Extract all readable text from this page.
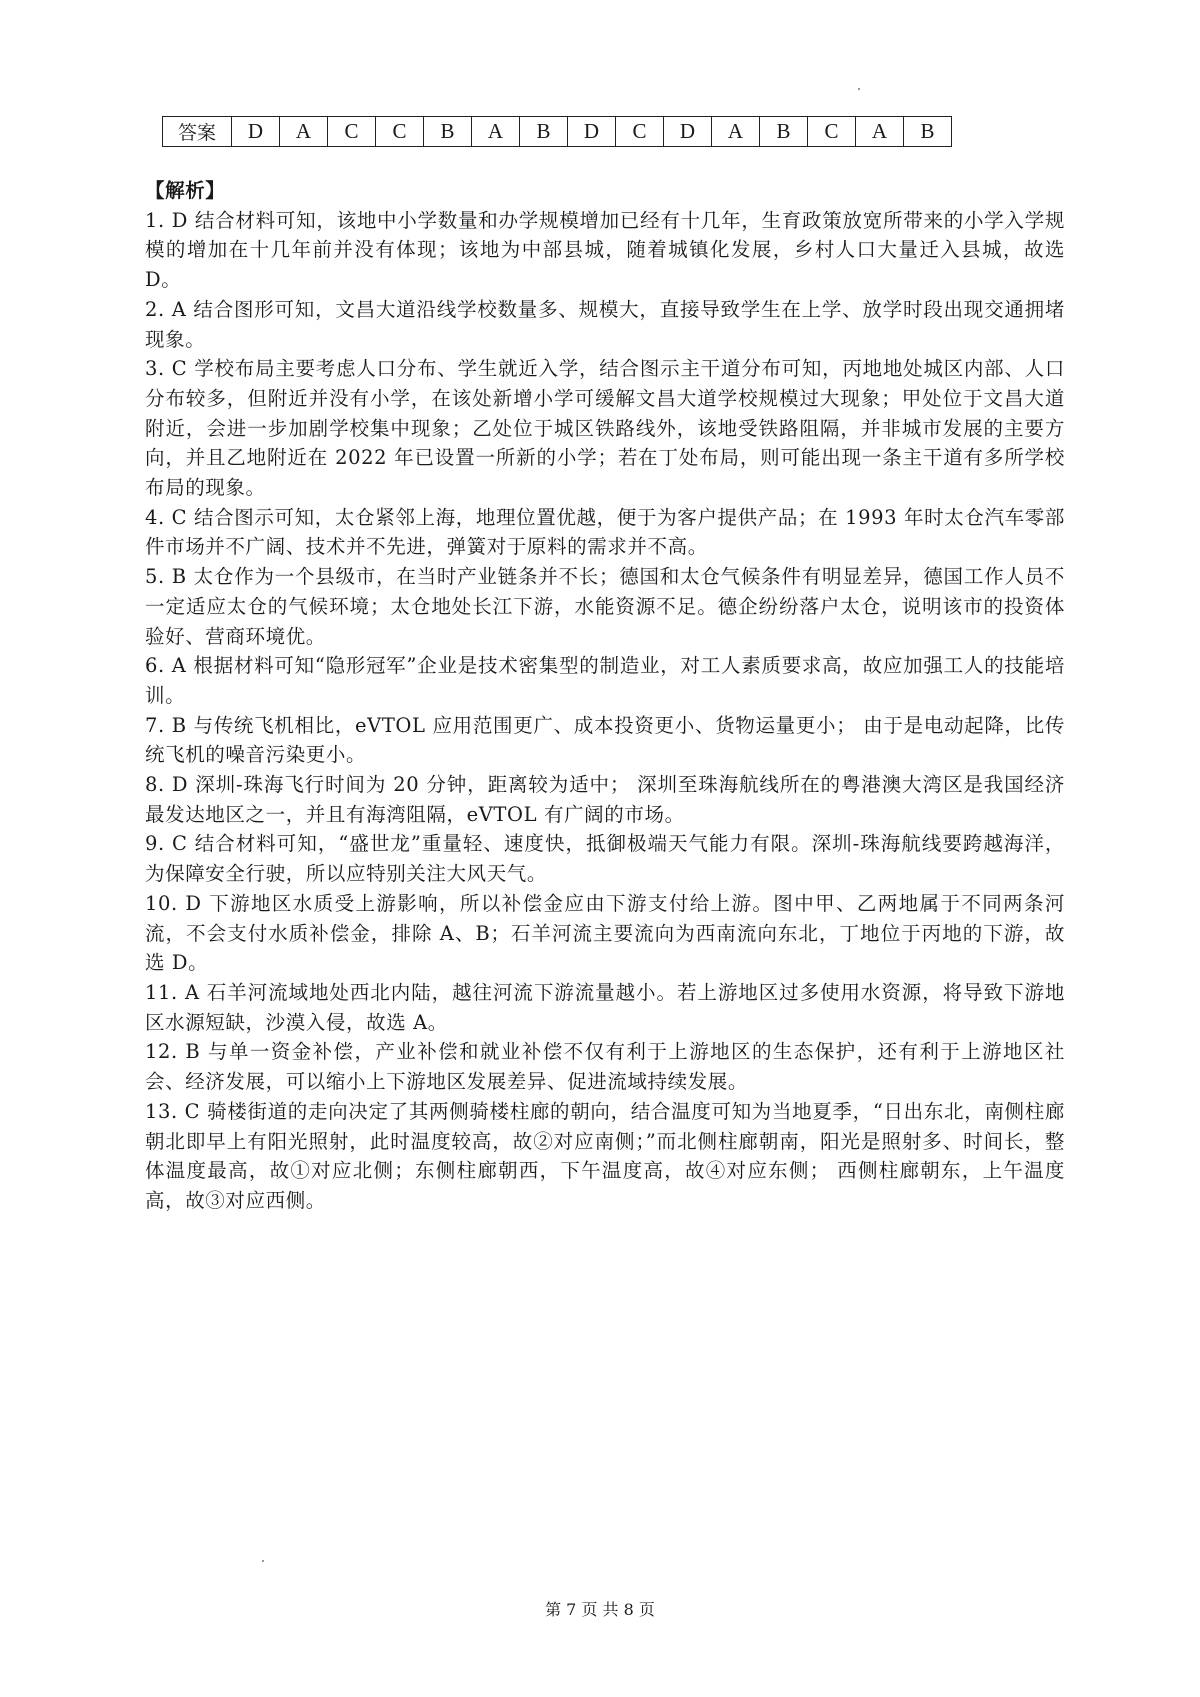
答案	D	A	C	C	B	A	B	D	C	D	A	B	C	A	B

【解析】

1. D 结合材料可知，该地中小学数量和办学规模增加已经有十几年，生育政策放宽所带来的小学入学规模的增加在十几年前并没有体现；该地为中部县城，随着城镇化发展，乡村人口大量迁入县城，故选 D。

2. A 结合图形可知，文昌大道沿线学校数量多、规模大，直接导致学生在上学、放学时段出现交通拥堵现象。

3. C 学校布局主要考虑人口分布、学生就近入学，结合图示主干道分布可知，丙地地处城区内部、人口分布较多，但附近并没有小学，在该处新增小学可缓解文昌大道学校规模过大现象；甲处位于文昌大道附近，会进一步加剧学校集中现象；乙处位于城区铁路线外，该地受铁路阻隔，并非城市发展的主要方向，并且乙地附近在 2022 年已设置一所新的小学；若在丁处布局，则可能出现一条主干道有多所学校布局的现象。

4. C 结合图示可知，太仓紧邻上海，地理位置优越，便于为客户提供产品；在 1993 年时太仓汽车零部件市场并不广阔、技术并不先进，弹簧对于原料的需求并不高。

5. B 太仓作为一个县级市，在当时产业链条并不长；德国和太仓气候条件有明显差异，德国工作人员不一定适应太仓的气候环境；太仓地处长江下游，水能资源不足。德企纷纷落户太仓，说明该市的投资体验好、营商环境优。

6. A 根据材料可知“隐形冠军”企业是技术密集型的制造业，对工人素质要求高，故应加强工人的技能培训。

7. B 与传统飞机相比，eVTOL 应用范围更广、成本投资更小、货物运量更小； 由于是电动起降，比传统飞机的噪音污染更小。

8. D 深圳-珠海飞行时间为 20 分钟，距离较为适中； 深圳至珠海航线所在的粤港澳大湾区是我国经济最发达地区之一，并且有海湾阻隔，eVTOL 有广阔的市场。

9. C 结合材料可知，“盛世龙”重量轻、速度快，抵御极端天气能力有限。深圳-珠海航线要跨越海洋，为保障安全行驶，所以应特别关注大风天气。

10. D 下游地区水质受上游影响，所以补偿金应由下游支付给上游。图中甲、乙两地属于不同两条河流，不会支付水质补偿金，排除 A、B；石羊河流主要流向为西南流向东北，丁地位于丙地的下游，故选 D。

11. A 石羊河流域地处西北内陆，越往河流下游流量越小。若上游地区过多使用水资源，将导致下游地区水源短缺，沙漠入侵，故选 A。

12. B 与单一资金补偿，产业补偿和就业补偿不仅有利于上游地区的生态保护，还有利于上游地区社会、经济发展，可以缩小上下游地区发展差异、促进流域持续发展。

13. C 骑楼街道的走向决定了其两侧骑楼柱廊的朝向，结合温度可知为当地夏季，“日出东北，南侧柱廊朝北即早上有阳光照射，此时温度较高，故②对应南侧；”而北侧柱廊朝南，阳光是照射多、时间长，整体温度最高，故①对应北侧；东侧柱廊朝西，下午温度高，故④对应东侧； 西侧柱廊朝东，上午温度高，故③对应西侧。

第 7 页 共 8 页
